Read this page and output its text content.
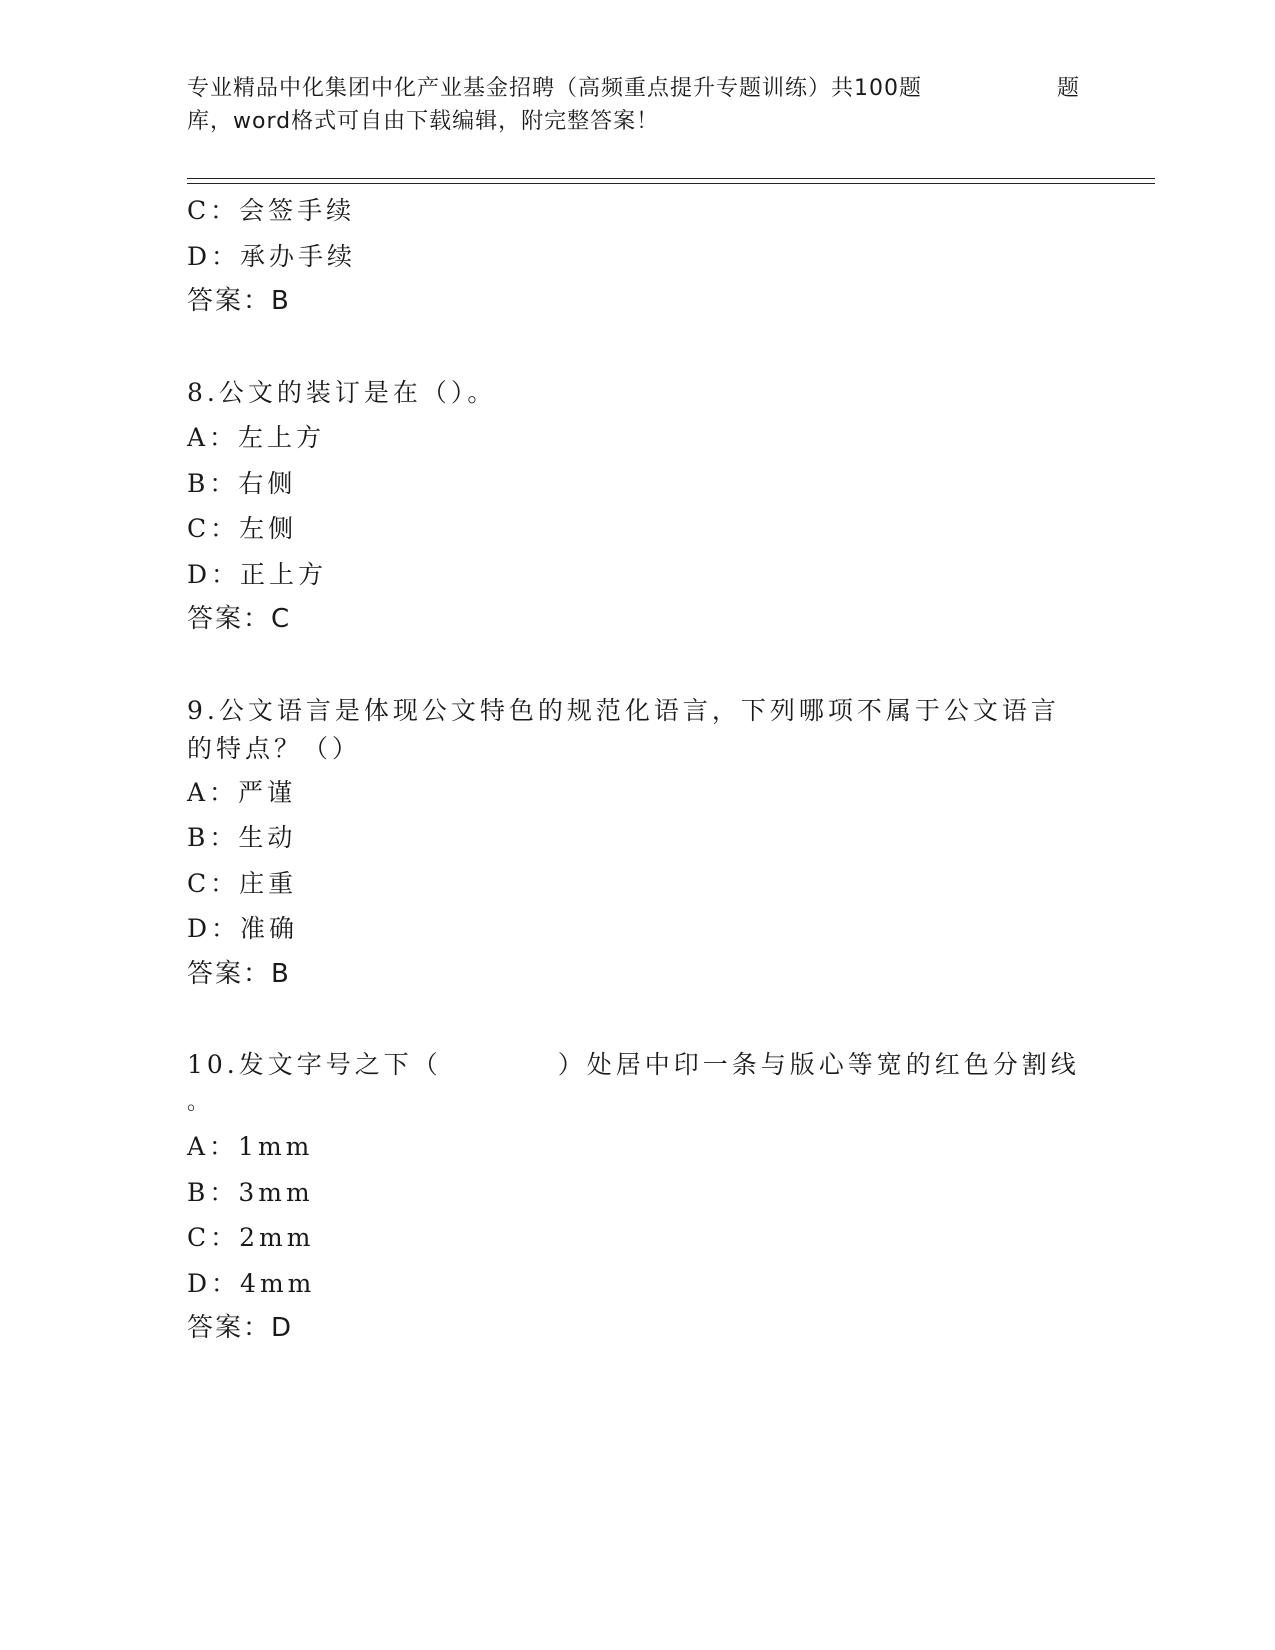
专业精品中化集团中化产业基金招聘（高频重点提升专题训练）共100题	题
库，word格式可自由下载编辑，附完整答案！
C：会签手续
D：承办手续
答案：B
8.公文的装订是在（）。
A：左上方
B：右侧
C：左侧
D：正上方
答案：C
9.公文语言是体现公文特色的规范化语言，下列哪项不属于公文语言
的特点？（）
A：严谨
B：生动
C：庄重
D：准确
答案：B
10.发文字号之下（　　　　）处居中印一条与版心等宽的红色分割线
。
A：1mm
B：3mm
C：2mm
D：4mm
答案：D
